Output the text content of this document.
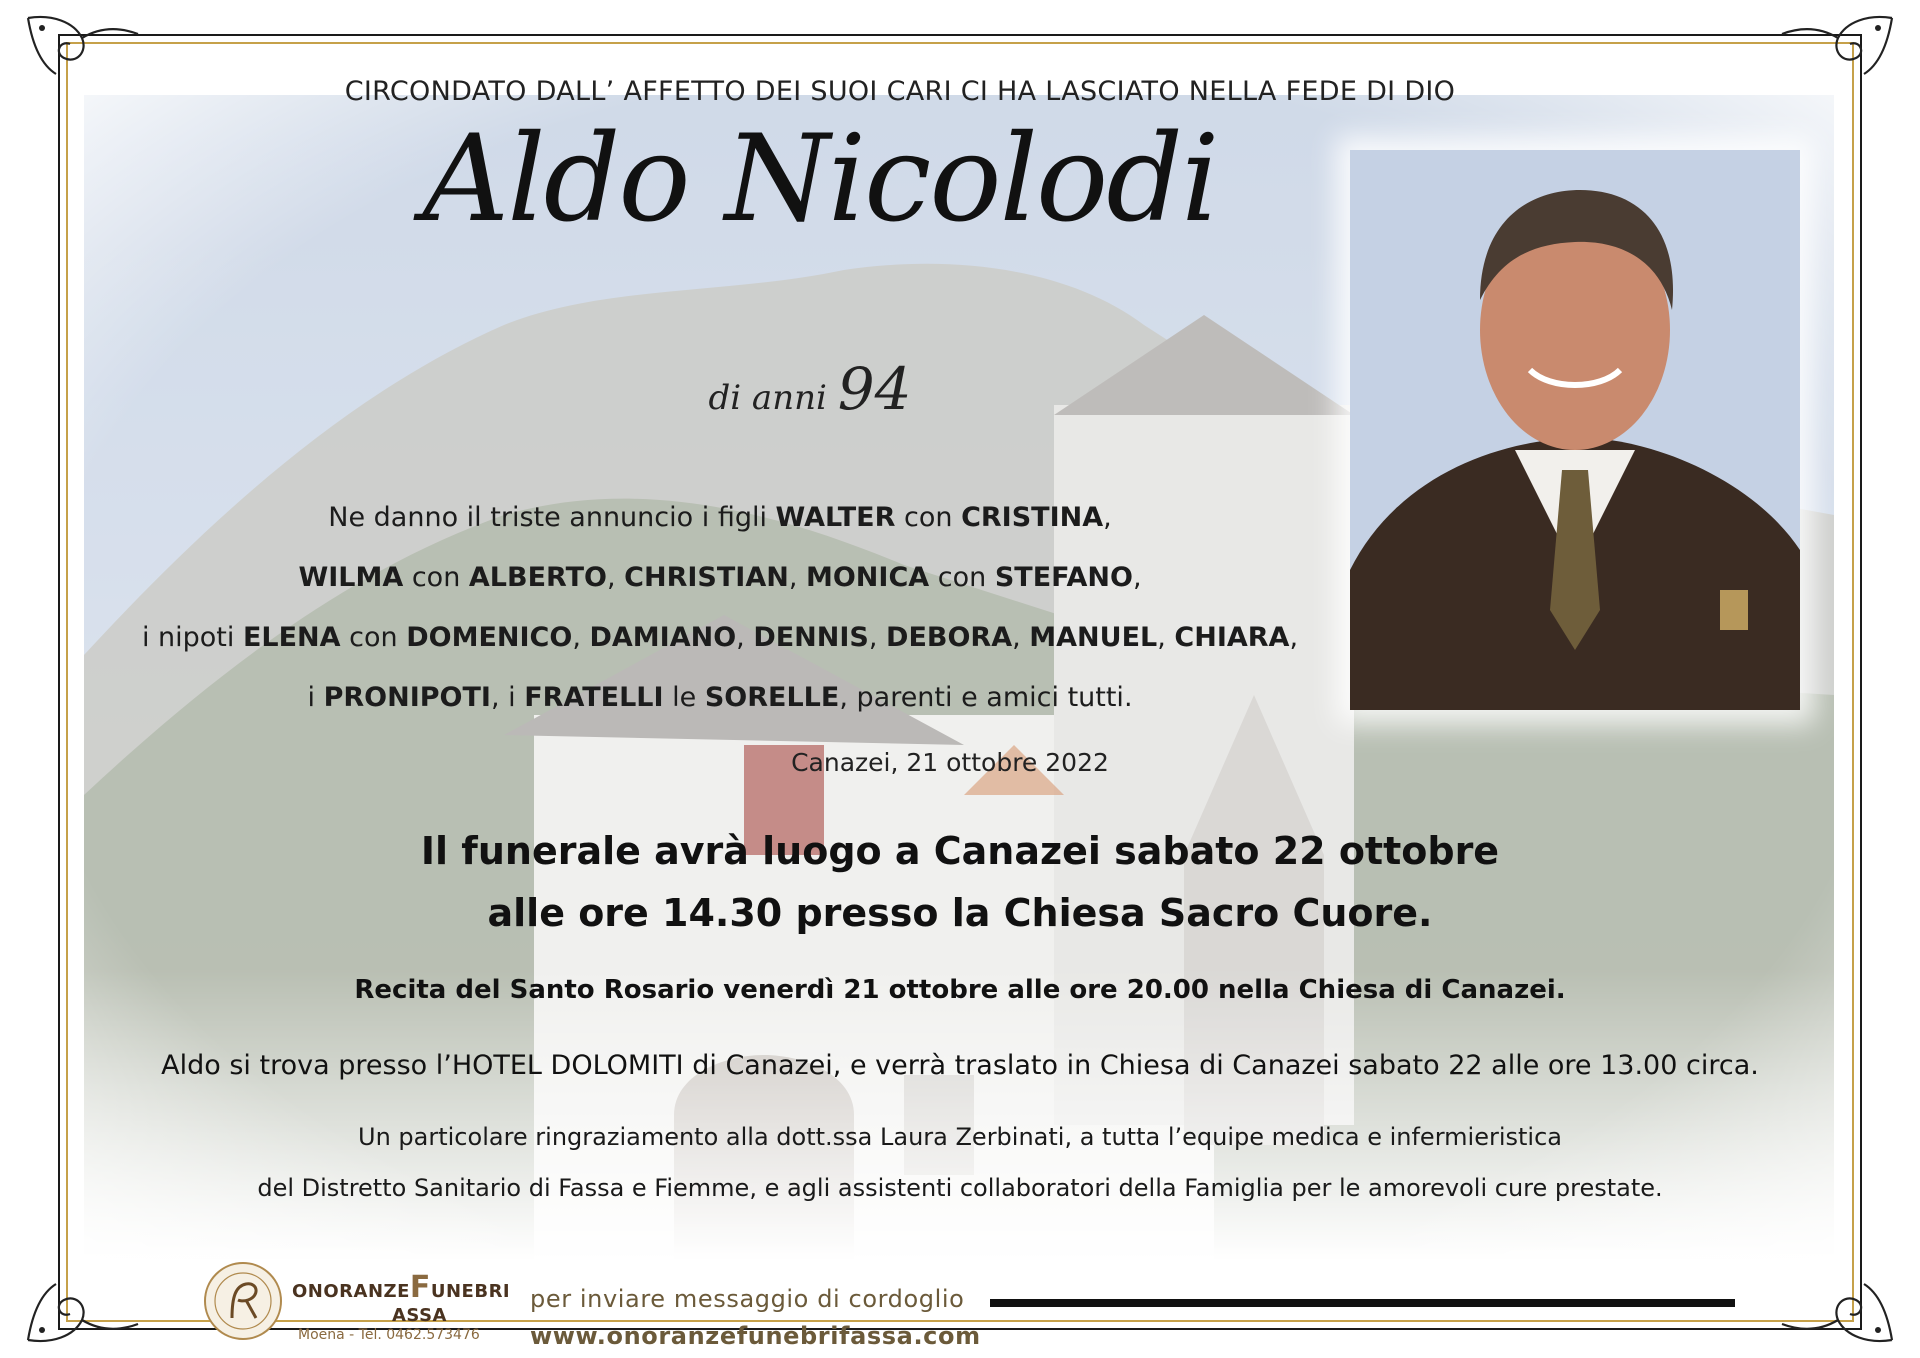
CIRCONDATO DALL’ AFFETTO DEI SUOI CARI CI HA LASCIATO NELLA FEDE DI DIO
Aldo Nicolodi
di anni 94
Ne danno il triste annuncio i figli WALTER con CRISTINA,
WILMA con ALBERTO, CHRISTIAN, MONICA con STEFANO,
i nipoti ELENA con DOMENICO, DAMIANO, DENNIS, DEBORA, MANUEL, CHIARA,
i PRONIPOTI, i FRATELLI le SORELLE, parenti e amici tutti.
Canazei, 21 ottobre 2022
Il funerale avrà luogo a Canazei sabato 22 ottobre
alle ore 14.30 presso la Chiesa Sacro Cuore.
Recita del Santo Rosario venerdì 21 ottobre alle ore 20.00 nella Chiesa di Canazei.
Aldo si trova presso l’HOTEL DOLOMITI di Canazei, e verrà traslato in Chiesa di Canazei sabato 22 alle ore 13.00 circa.
Un particolare ringraziamento alla dott.ssa Laura Zerbinati, a tutta l’equipe medica e infermieristica
del Distretto Sanitario di Fassa e Fiemme, e agli assistenti collaboratori della Famiglia per le amorevoli cure prestate.
ONORANZEFUNEBRI
ASSA
Moena - Tel. 0462.573476
per inviare messaggio di cordoglio
www.onoranzefunebrifassa.com
